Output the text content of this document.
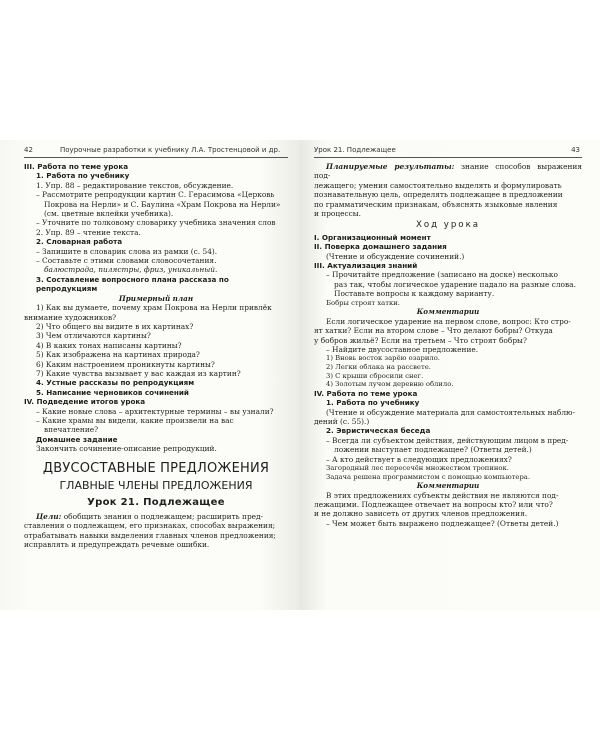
42	Поурочные разработки к учебнику Л.А. Тростенцовой и др.
III. Работа по теме урока
1. Работа по учебнику
1. Упр. 88 – редактирование текстов, обсуждение.
– Рассмотрите репродукции картин С. Герасимова «Церковь
Покрова на Нерли» и С. Баулина «Храм Покрова на Нерли»
(см. цветные вклейки учебника).
– Уточните по толковому словарику учебника значения слов
2. Упр. 89 – чтение текста.
2. Словарная работа
– Запишите в словарик слова из рамки (с. 54).
– Составьте с этими словами словосочетания.
балюстрада, пилястры, фриз, уникальный.
3. Составление вопросного плана рассказа по репродукциям
Примерный план
1) Как вы думаете, почему храм Покрова на Нерли привлёк
внимание художников?
2) Что общего вы видите в их картинах?
3) Чем отличаются картины?
4) В каких тонах написаны картины?
5) Как изображена на картинах природа?
6) Каким настроением проникнуты картины?
7) Какие чувства вызывает у вас каждая из картин?
4. Устные рассказы по репродукциям
5. Написание черновиков сочинений
IV. Подведение итогов урока
– Какие новые слова – архитектурные термины – вы узнали?
– Какие храмы вы видели, какие произвели на вас впечатление?
Домашнее задание
Закончить сочинение-описание репродукций.
ДВУСОСТАВНЫЕ ПРЕДЛОЖЕНИЯ
ГЛАВНЫЕ ЧЛЕНЫ ПРЕДЛОЖЕНИЯ
Урок 21. Подлежащее
Цели: обобщить знания о подлежащем; расширить пред-
ставления о подлежащем, его признаках, способах выражения;
отрабатывать навыки выделения главных членов предложения;
исправлять и предупреждать речевые ошибки.
Урок 21. Подлежащее	43
Планируемые результаты: знание способов выражения под-
лежащего; умения самостоятельно выделять и формулировать
познавательную цель, определять подлежащее в предложении
по грамматическим признакам, объяснять языковые явления
и процессы.
Ход урока
I. Организационный момент
II. Поверка домашнего задания
(Чтение и обсуждение сочинений.)
III. Актуализация знаний
– Прочитайте предложение (записано на доске) несколько
раз так, чтобы логическое ударение падало на разные слова.
Поставьте вопросы к каждому варианту.
Бобры строят хатки.
Комментарии
Если логическое ударение на первом слове, вопрос: Кто стро-
ят хатки? Если на втором слове – Что делают бобры? Откуда
у бобров жильё? Если на третьем – Что строят бобры?
– Найдите двусоставное предложение.
1) Вновь восток зарёю озарило.
2) Легки облака на рассвете.
3) С крыши сбросили снег.
4) Золотым лучом деревню облило.
IV. Работа по теме урока
1. Работа по учебнику
(Чтение и обсуждение материала для самостоятельных наблю-
дений (с. 55).)
2. Эвристическая беседа
– Всегда ли субъектом действия, действующим лицом в пред-
ложении выступает подлежащее? (Ответы детей.)
– А кто действует в следующих предложениях?
Загородный лес пересечён множеством тропинок.
Задача решена программистом с помощью компьютера.
Комментарии
В этих предложениях субъекты действия не являются под-
лежащими. Подлежащее отвечает на вопросы кто? или что?
и не должно зависеть от других членов предложения.
– Чем может быть выражено подлежащее? (Ответы детей.)
